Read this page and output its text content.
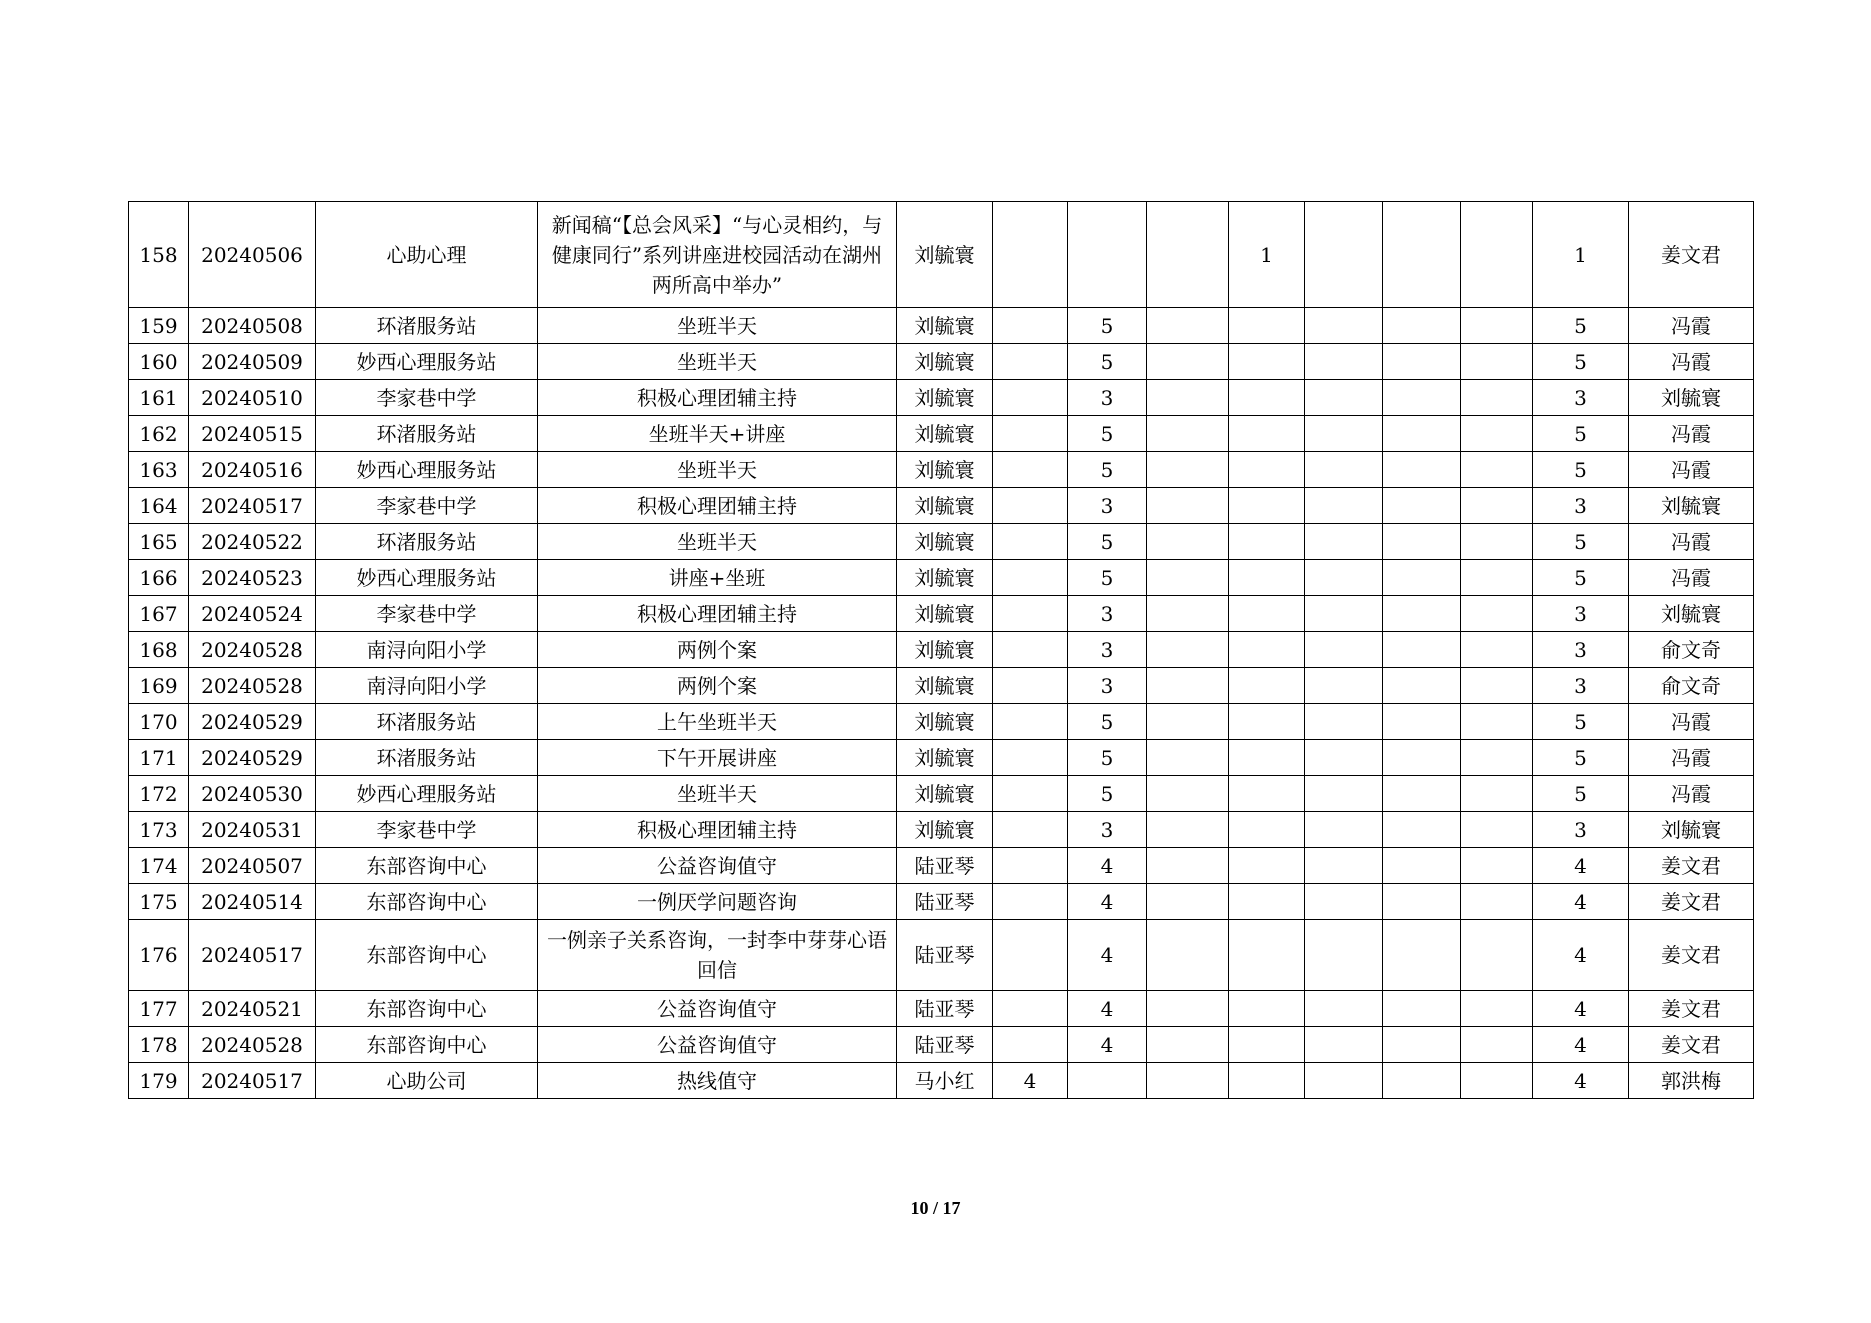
158	20240506	心助心理	新闻稿“【总会风采】“与心灵相约，与健康同行”系列讲座进校园活动在湖州两所高中举办”	刘毓寰				1				1	姜文君
159	20240508	环渚服务站	坐班半天	刘毓寰		5						5	冯霞
160	20240509	妙西心理服务站	坐班半天	刘毓寰		5						5	冯霞
161	20240510	李家巷中学	积极心理团辅主持	刘毓寰		3						3	刘毓寰
162	20240515	环渚服务站	坐班半天+讲座	刘毓寰		5						5	冯霞
163	20240516	妙西心理服务站	坐班半天	刘毓寰		5						5	冯霞
164	20240517	李家巷中学	积极心理团辅主持	刘毓寰		3						3	刘毓寰
165	20240522	环渚服务站	坐班半天	刘毓寰		5						5	冯霞
166	20240523	妙西心理服务站	讲座+坐班	刘毓寰		5						5	冯霞
167	20240524	李家巷中学	积极心理团辅主持	刘毓寰		3						3	刘毓寰
168	20240528	南浔向阳小学	两例个案	刘毓寰		3						3	俞文奇
169	20240528	南浔向阳小学	两例个案	刘毓寰		3						3	俞文奇
170	20240529	环渚服务站	上午坐班半天	刘毓寰		5						5	冯霞
171	20240529	环渚服务站	下午开展讲座	刘毓寰		5						5	冯霞
172	20240530	妙西心理服务站	坐班半天	刘毓寰		5						5	冯霞
173	20240531	李家巷中学	积极心理团辅主持	刘毓寰		3						3	刘毓寰
174	20240507	东部咨询中心	公益咨询值守	陆亚琴		4						4	姜文君
175	20240514	东部咨询中心	一例厌学问题咨询	陆亚琴		4						4	姜文君
176	20240517	东部咨询中心	一例亲子关系咨询，一封李中芽芽心语回信	陆亚琴		4						4	姜文君
177	20240521	东部咨询中心	公益咨询值守	陆亚琴		4						4	姜文君
178	20240528	东部咨询中心	公益咨询值守	陆亚琴		4						4	姜文君
179	20240517	心助公司	热线值守	马小红	4							4	郭洪梅
10 / 17
